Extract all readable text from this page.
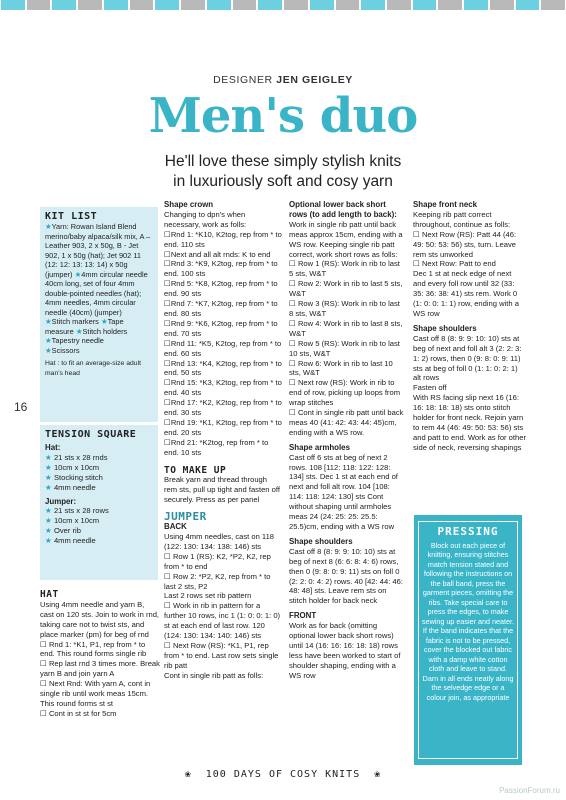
DESIGNER JEN GEIGLEY
Men's duo
He'll love these simply stylish knits
in luxuriously soft and cosy yarn
16
KIT LIST

★Yarn: Rowan Island Blend merino/baby alpaca/silk mix, A – Leather 903, 2 x 50g, B - Jet 902, 1 x 50g (hat); Jet 902 11 (12: 12: 13: 13: 14) x 50g (jumper) ★4mm circular needle 40cm long, set of four 4mm double-pointed needles (hat); 4mm needles, 4mm circular needle (40cm) (jumper)

★Stitch markers ★Tape measure ★Stitch holders

★Tapestry needle

★Scissors

Hat : to fit an average-size adult man's head

TENSION SQUARE

Hat:

★ 21 sts x 28 rnds

★ 10cm x 10cm

★ Stocking stitch

★ 4mm needle

Jumper:

★ 21 sts x 28 rows

★ 10cm x 10cm

★ Over rib

★ 4mm needle

HAT

Using 4mm needle and yarn B, cast on 120 sts. Join to work in rnd, taking care not to twist sts, and place marker (pm) for beg of rnd

☐ Rnd 1: *K1, P1, rep from * to end. This round forms single rib

☐ Rep last rnd 3 times more. Break yarn B and join yarn A

☐ Next Rnd: With yarn A, cont in single rib until work meas 15cm. This round forms st st

☐ Cont in st st for 5cm

Shape crown

Changing to dpn's when necessary, work as folls:

☐Rnd 1: *K10, K2tog, rep from * to end. 110 sts

☐Next and all alt rnds: K to end

☐Rnd 3: *K9, K2tog, rep from * to end. 100 sts

☐Rnd 5: *K8, K2tog, rep from * to end. 90 sts

☐Rnd 7: *K7, K2tog, rep from * to end. 80 sts

☐Rnd 9: *K6, K2tog, rep from * to end. 70 sts

☐Rnd 11: *K5, K2tog, rep from * to end. 60 sts

☐Rnd 13: *K4, K2tog, rep from * to end. 50 sts

☐Rnd 15: *K3, K2tog, rep from * to end. 40 sts

☐Rnd 17: *K2, K2tog, rep from * to end. 30 sts

☐Rnd 19: *K1, K2tog, rep from * to end. 20 sts

☐Rnd 21: *K2tog, rep from * to end. 10 sts

TO MAKE UP

Break yarn and thread through rem sts, pull up tight and fasten off securely. Press as per panel

JUMPER

BACK

Using 4mm needles, cast on 118 (122: 130: 134: 138: 146) sts

☐ Row 1 (RS): K2, *P2, K2, rep from * to end

☐ Row 2: *P2, K2, rep from * to last 2 sts, P2

Last 2 rows set rib pattern

☐ Work in rib in pattern for a further 10 rows, inc 1 (1: 0: 0: 1: 0) st at each end of last row. 120 (124: 130: 134: 140: 146) sts

☐ Next Row (RS): *K1, P1, rep from * to end. Last row sets single rib patt

Cont in single rib patt as folls:

Optional lower back short rows (to add length to back):

Work in single rib patt until back meas approx 15cm, ending with a WS row. Keeping single rib patt correct, work short rows as folls:

☐ Row 1 (RS): Work in rib to last 5 sts, W&T

☐ Row 2: Work in rib to last 5 sts, W&T

☐ Row 3 (RS): Work in rib to last 8 sts, W&T

☐ Row 4: Work in rib to last 8 sts, W&T

☐ Row 5 (RS): Work in rib to last 10 sts, W&T

☐ Row 6: Work in rib to last 10 sts, W&T

☐ Next row (RS): Work in rib to end of row, picking up loops from wrap stitches

☐ Cont in single rib patt until back meas 40 (41: 42: 43: 44: 45)cm, ending with a WS row.

Shape armholes

Cast off 6 sts at beg of next 2 rows. 108 [112: 118: 122: 128: 134] sts. Dec 1 st at each end of next and foll alt row. 104 [108: 114: 118: 124: 130] sts Cont without shaping until armholes meas 24 (24: 25: 25: 25.5: 25.5)cm, ending with a WS row

Shape shoulders

Cast off 8 (8: 9: 9: 10: 10) sts at beg of next 8 (6: 6: 8: 4: 6) rows, then 0 (9: 8: 0: 9: 11) sts on foll 0 (2: 2: 0: 4: 2) rows. 40 [42: 44: 46: 48: 48] sts. Leave rem sts on stitch holder for back neck

FRONT

Work as for back (omitting optional lower back short rows) until 14 (16: 16: 16: 18: 18) rows less have been worked to start of shoulder shaping, ending with a WS row

Shape front neck

Keeping rib patt correct throughout, continue as folls:

☐ Next Row (RS): Patt 44 (46: 49: 50: 53: 56) sts, turn. Leave rem sts unworked

☐ Next Row: Patt to end

Dec 1 st at neck edge of next and every foll row until 32 (33: 35: 36: 38: 41) sts rem. Work 0 (1: 0: 0: 1: 1) row, ending with a WS row

Shape shoulders

Cast off 8 (8: 9: 9: 10: 10) sts at beg of next and foll alt 3 (2: 2: 3: 1: 2) rows, then 0 (9: 8: 0: 9: 11) sts at beg of foll 0 (1: 1: 0: 2: 1) alt rows

Fasten off

With RS facing slip next 16 (16: 16: 18: 18: 18) sts onto stitch holder for front neck. Rejoin yarn to rem 44 (46: 49: 50: 53: 56) sts and patt to end. Work as for other side of neck, reversing shapings

PRESSING
Block out each piece of knitting, ensuring stitches match tension stated and following the instructions on the ball band, press the garment pieces, omitting the ribs. Take special care to press the edges, to make sewing up easier and neater. If the band indicates that the fabric is not to be pressed, cover the blocked out fabric with a damp white cotton cloth and leave to stand. Darn in all ends neatly along the selvedge edge or a colour join, as appropriate
❀ 100 DAYS OF COSY KNITS ❀
PassionForum.ru
